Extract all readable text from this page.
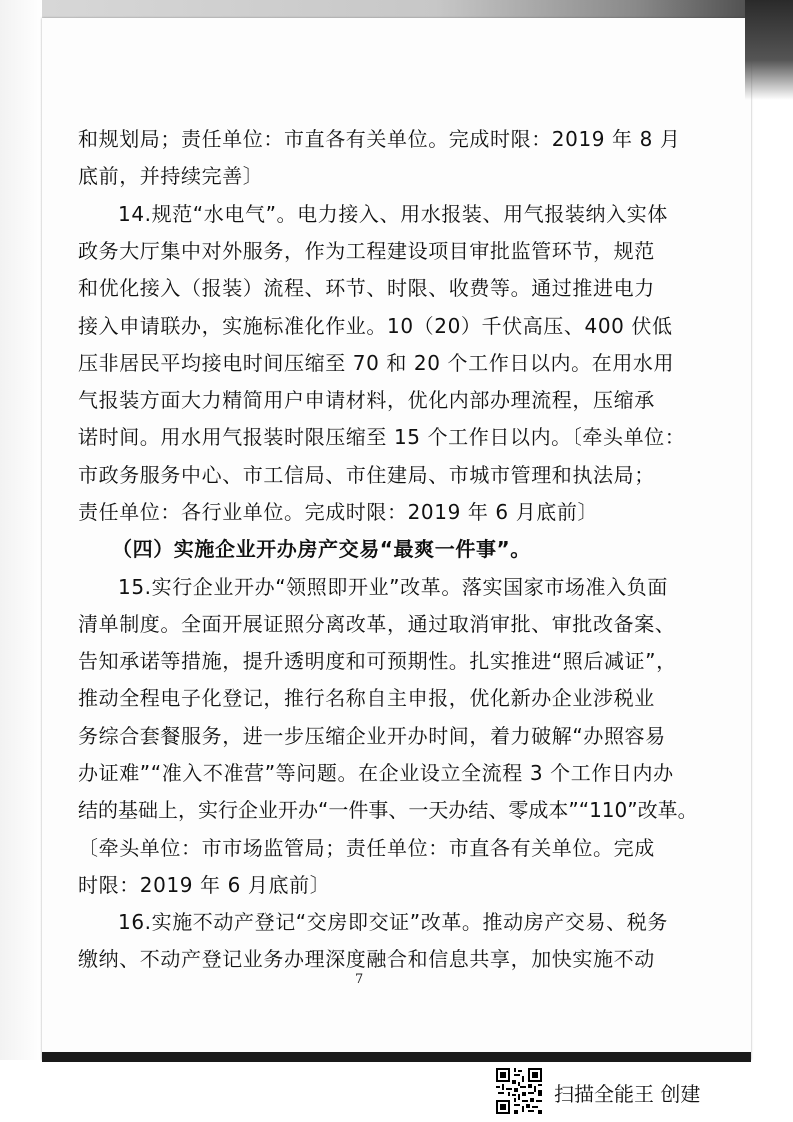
和规划局；责任单位：市直各有关单位。完成时限：2019 年 8 月
底前，并持续完善〕
14.规范“水电气”。电力接入、用水报装、用气报装纳入实体
政务大厅集中对外服务，作为工程建设项目审批监管环节，规范
和优化接入（报装）流程、环节、时限、收费等。通过推进电力
接入申请联办，实施标准化作业。10（20）千伏高压、400 伏低
压非居民平均接电时间压缩至 70 和 20 个工作日以内。在用水用
气报装方面大力精简用户申请材料，优化内部办理流程，压缩承
诺时间。用水用气报装时限压缩至 15 个工作日以内。〔牵头单位：
市政务服务中心、市工信局、市住建局、市城市管理和执法局；
责任单位：各行业单位。完成时限：2019 年 6 月底前〕
（四）实施企业开办房产交易“最爽一件事”。
15.实行企业开办“领照即开业”改革。落实国家市场准入负面
清单制度。全面开展证照分离改革，通过取消审批、审批改备案、
告知承诺等措施，提升透明度和可预期性。扎实推进“照后减证”，
推动全程电子化登记，推行名称自主申报，优化新办企业涉税业
务综合套餐服务，进一步压缩企业开办时间，着力破解“办照容易
办证难”“准入不准营”等问题。在企业设立全流程 3 个工作日内办
结的基础上，实行企业开办“一件事、一天办结、零成本”“110”改革。
〔牵头单位：市市场监管局；责任单位：市直各有关单位。完成
时限：2019 年 6 月底前〕
16.实施不动产登记“交房即交证”改革。推动房产交易、税务
缴纳、不动产登记业务办理深度融合和信息共享，加快实施不动
7
扫描全能王 创建
